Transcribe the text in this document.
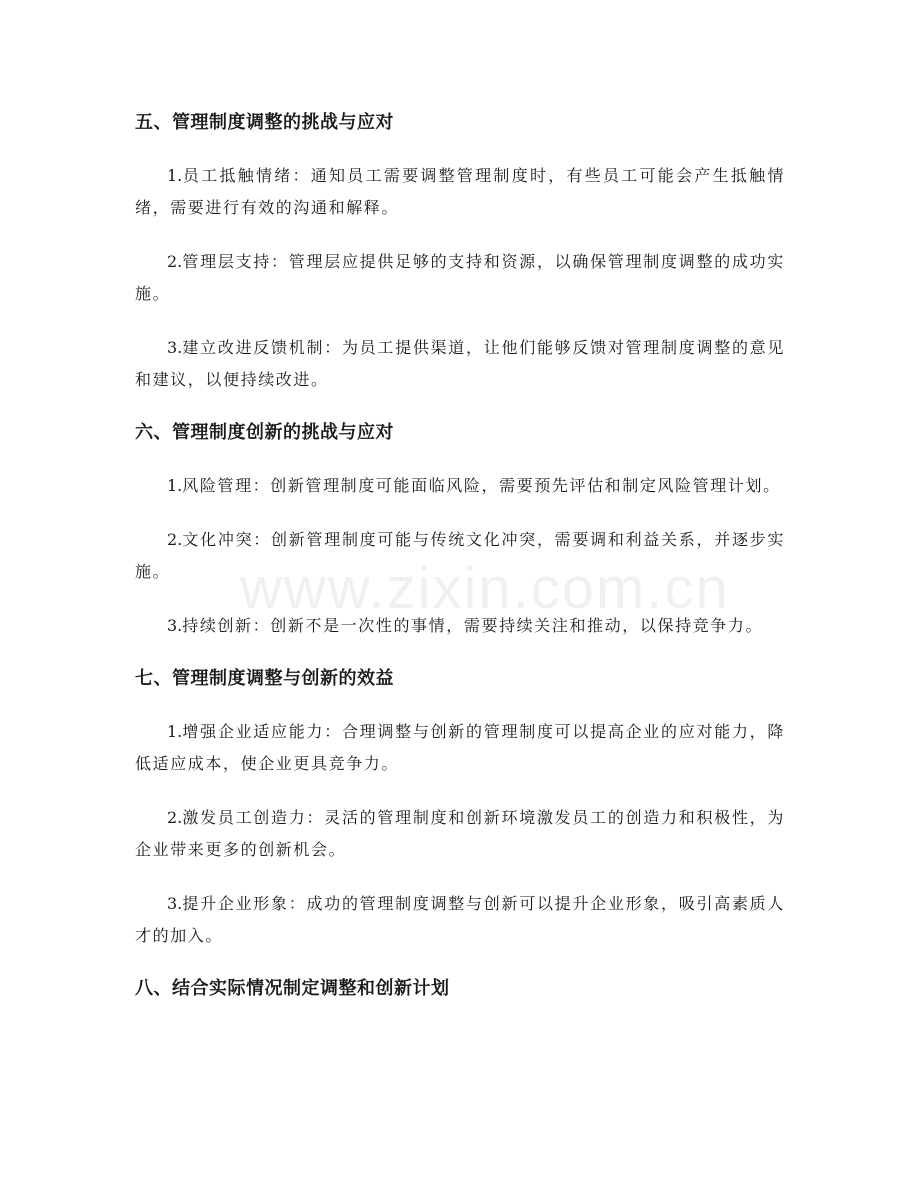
www.zixin.com.cn
五、管理制度调整的挑战与应对

1.员工抵触情绪：通知员工需要调整管理制度时，有些员工可能会产生抵触情绪，需要进行有效的沟通和解释。

2.管理层支持：管理层应提供足够的支持和资源，以确保管理制度调整的成功实施。

3.建立改进反馈机制：为员工提供渠道，让他们能够反馈对管理制度调整的意见和建议，以便持续改进。

六、管理制度创新的挑战与应对

1.风险管理：创新管理制度可能面临风险，需要预先评估和制定风险管理计划。

2.文化冲突：创新管理制度可能与传统文化冲突，需要调和利益关系，并逐步实施。

3.持续创新：创新不是一次性的事情，需要持续关注和推动，以保持竞争力。

七、管理制度调整与创新的效益

1.增强企业适应能力：合理调整与创新的管理制度可以提高企业的应对能力，降低适应成本，使企业更具竞争力。

2.激发员工创造力：灵活的管理制度和创新环境激发员工的创造力和积极性，为企业带来更多的创新机会。

3.提升企业形象：成功的管理制度调整与创新可以提升企业形象，吸引高素质人才的加入。

八、结合实际情况制定调整和创新计划
